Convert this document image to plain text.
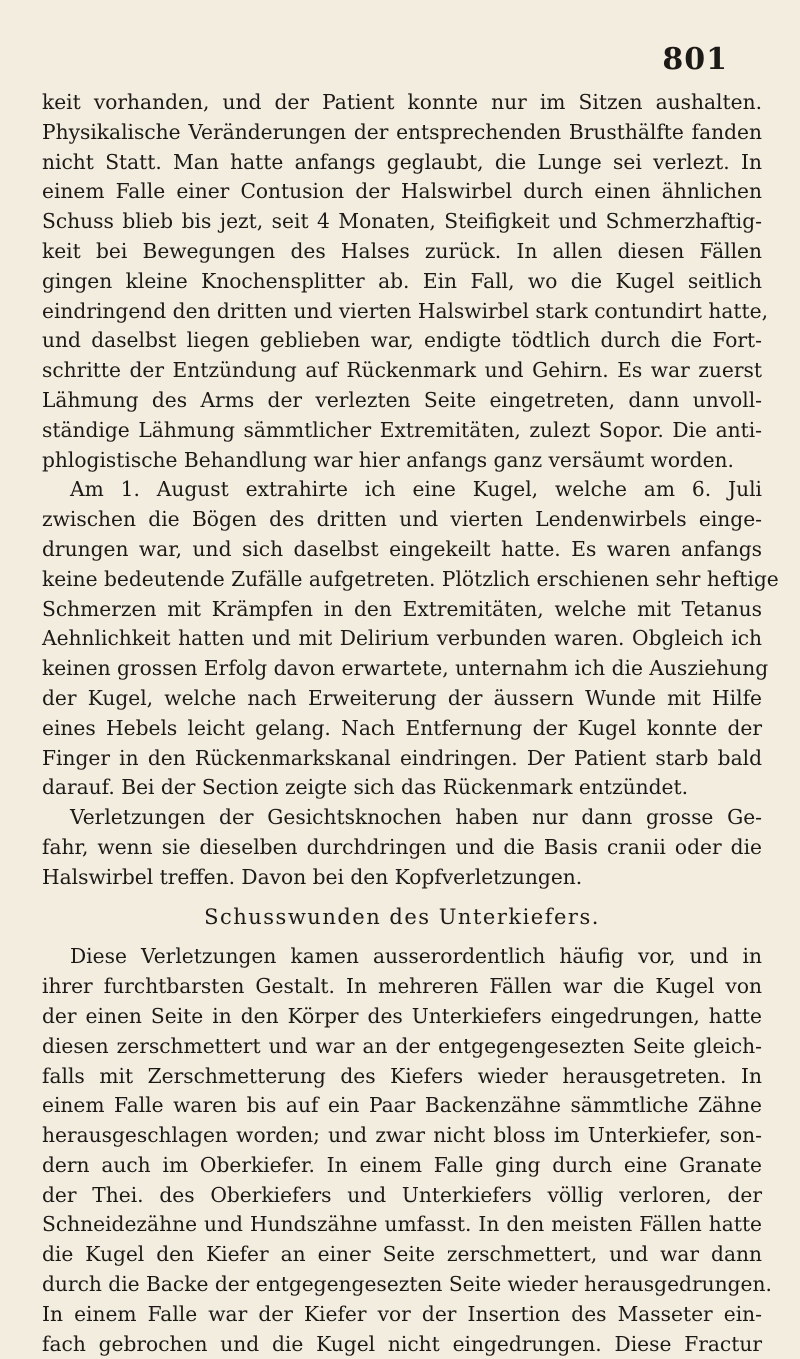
801
keit vorhanden, und der Patient konnte nur im Sitzen aushalten.
Physikalische Veränderungen der entsprechenden Brusthälfte fanden
nicht Statt. Man hatte anfangs geglaubt, die Lunge sei verlezt. In
einem Falle einer Contusion der Halswirbel durch einen ähnlichen
Schuss blieb bis jezt, seit 4 Monaten, Steifigkeit und Schmerzhaftig-
keit bei Bewegungen des Halses zurück. In allen diesen Fällen
gingen kleine Knochensplitter ab. Ein Fall, wo die Kugel seitlich
eindringend den dritten und vierten Halswirbel stark contundirt hatte,
und daselbst liegen geblieben war, endigte tödtlich durch die Fort-
schritte der Entzündung auf Rückenmark und Gehirn. Es war zuerst
Lähmung des Arms der verlezten Seite eingetreten, dann unvoll-
ständige Lähmung sämmtlicher Extremitäten, zulezt Sopor. Die anti-
phlogistische Behandlung war hier anfangs ganz versäumt worden.
Am 1. August extrahirte ich eine Kugel, welche am 6. Juli
zwischen die Bögen des dritten und vierten Lendenwirbels einge-
drungen war, und sich daselbst eingekeilt hatte. Es waren anfangs
keine bedeutende Zufälle aufgetreten. Plötzlich erschienen sehr heftige
Schmerzen mit Krämpfen in den Extremitäten, welche mit Tetanus
Aehnlichkeit hatten und mit Delirium verbunden waren. Obgleich ich
keinen grossen Erfolg davon erwartete, unternahm ich die Ausziehung
der Kugel, welche nach Erweiterung der äussern Wunde mit Hilfe
eines Hebels leicht gelang. Nach Entfernung der Kugel konnte der
Finger in den Rückenmarkskanal eindringen. Der Patient starb bald
darauf. Bei der Section zeigte sich das Rückenmark entzündet.
Verletzungen der Gesichtsknochen haben nur dann grosse Ge-
fahr, wenn sie dieselben durchdringen und die Basis cranii oder die
Halswirbel treffen. Davon bei den Kopfverletzungen.
Schusswunden des Unterkiefers.
Diese Verletzungen kamen ausserordentlich häufig vor, und in
ihrer furchtbarsten Gestalt. In mehreren Fällen war die Kugel von
der einen Seite in den Körper des Unterkiefers eingedrungen, hatte
diesen zerschmettert und war an der entgegengesezten Seite gleich-
falls mit Zerschmetterung des Kiefers wieder herausgetreten. In
einem Falle waren bis auf ein Paar Backenzähne sämmtliche Zähne
herausgeschlagen worden; und zwar nicht bloss im Unterkiefer, son-
dern auch im Oberkiefer. In einem Falle ging durch eine Granate
der Thei. des Oberkiefers und Unterkiefers völlig verloren, der
Schneidezähne und Hundszähne umfasst. In den meisten Fällen hatte
die Kugel den Kiefer an einer Seite zerschmettert, und war dann
durch die Backe der entgegengesezten Seite wieder herausgedrungen.
In einem Falle war der Kiefer vor der Insertion des Masseter ein-
fach gebrochen und die Kugel nicht eingedrungen. Diese Fractur
